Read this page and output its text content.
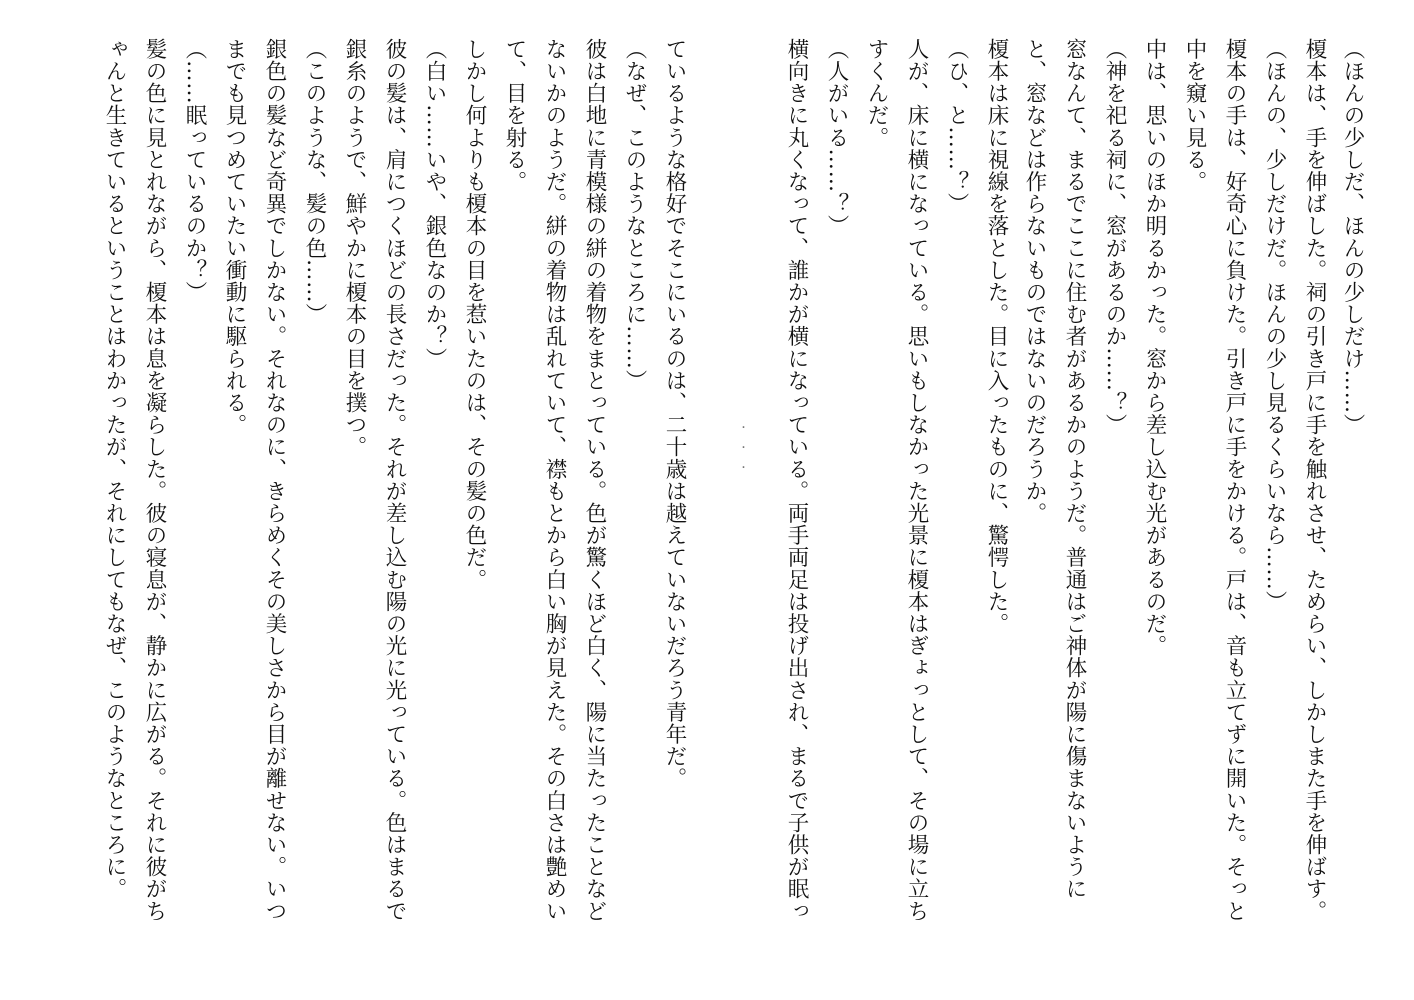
（ほんの少しだ、ほんの少しだけ……）
榎本は、手を伸ばした。祠の引き戸に手を触れさせ、ためらい、しかしまた手を伸ばす。
（ほんの、少しだけだ。ほんの少し見るくらいなら……）
榎本の手は、好奇心に負けた。引き戸に手をかける。戸は、音も立てずに開いた。そっと
中を窺い見る。
中は、思いのほか明るかった。窓から差し込む光があるのだ。
（神を祀る祠に、窓があるのか……？）
窓なんて、まるでここに住む者があるかのようだ。普通はご神体が陽に傷まないように
と、窓などは作らないものではないのだろうか。
榎本は床に視線を落とした。目に入ったものに、驚愕した。
（ひ、と……？）
人が、床に横になっている。思いもしなかった光景に榎本はぎょっとして、その場に立ち
すくんだ。
（人がいる……？）
横向きに丸くなって、誰かが横になっている。両手両足は投げ出され、まるで子供が眠っ
・・・
ているような格好でそこにいるのは、二十歳は越えていないだろう青年だ。
（なぜ、このようなところに……）
彼は白地に青模様の絣の着物をまとっている。色が驚くほど白く、陽に当たったことなど
ないかのようだ。絣の着物は乱れていて、襟もとから白い胸が見えた。その白さは艶めい
て、目を射る。
しかし何よりも榎本の目を惹いたのは、その髪の色だ。
（白い……いや、銀色なのか？）
彼の髪は、肩につくほどの長さだった。それが差し込む陽の光に光っている。色はまるで
銀糸のようで、鮮やかに榎本の目を撲つ。
（このような、髪の色……）
銀色の髪など奇異でしかない。それなのに、きらめくその美しさから目が離せない。いつ
までも見つめていたい衝動に駆られる。
（……眠っているのか？）
髪の色に見とれながら、榎本は息を凝らした。彼の寝息が、静かに広がる。それに彼がち
ゃんと生きているということはわかったが、それにしてもなぜ、このようなところに。
